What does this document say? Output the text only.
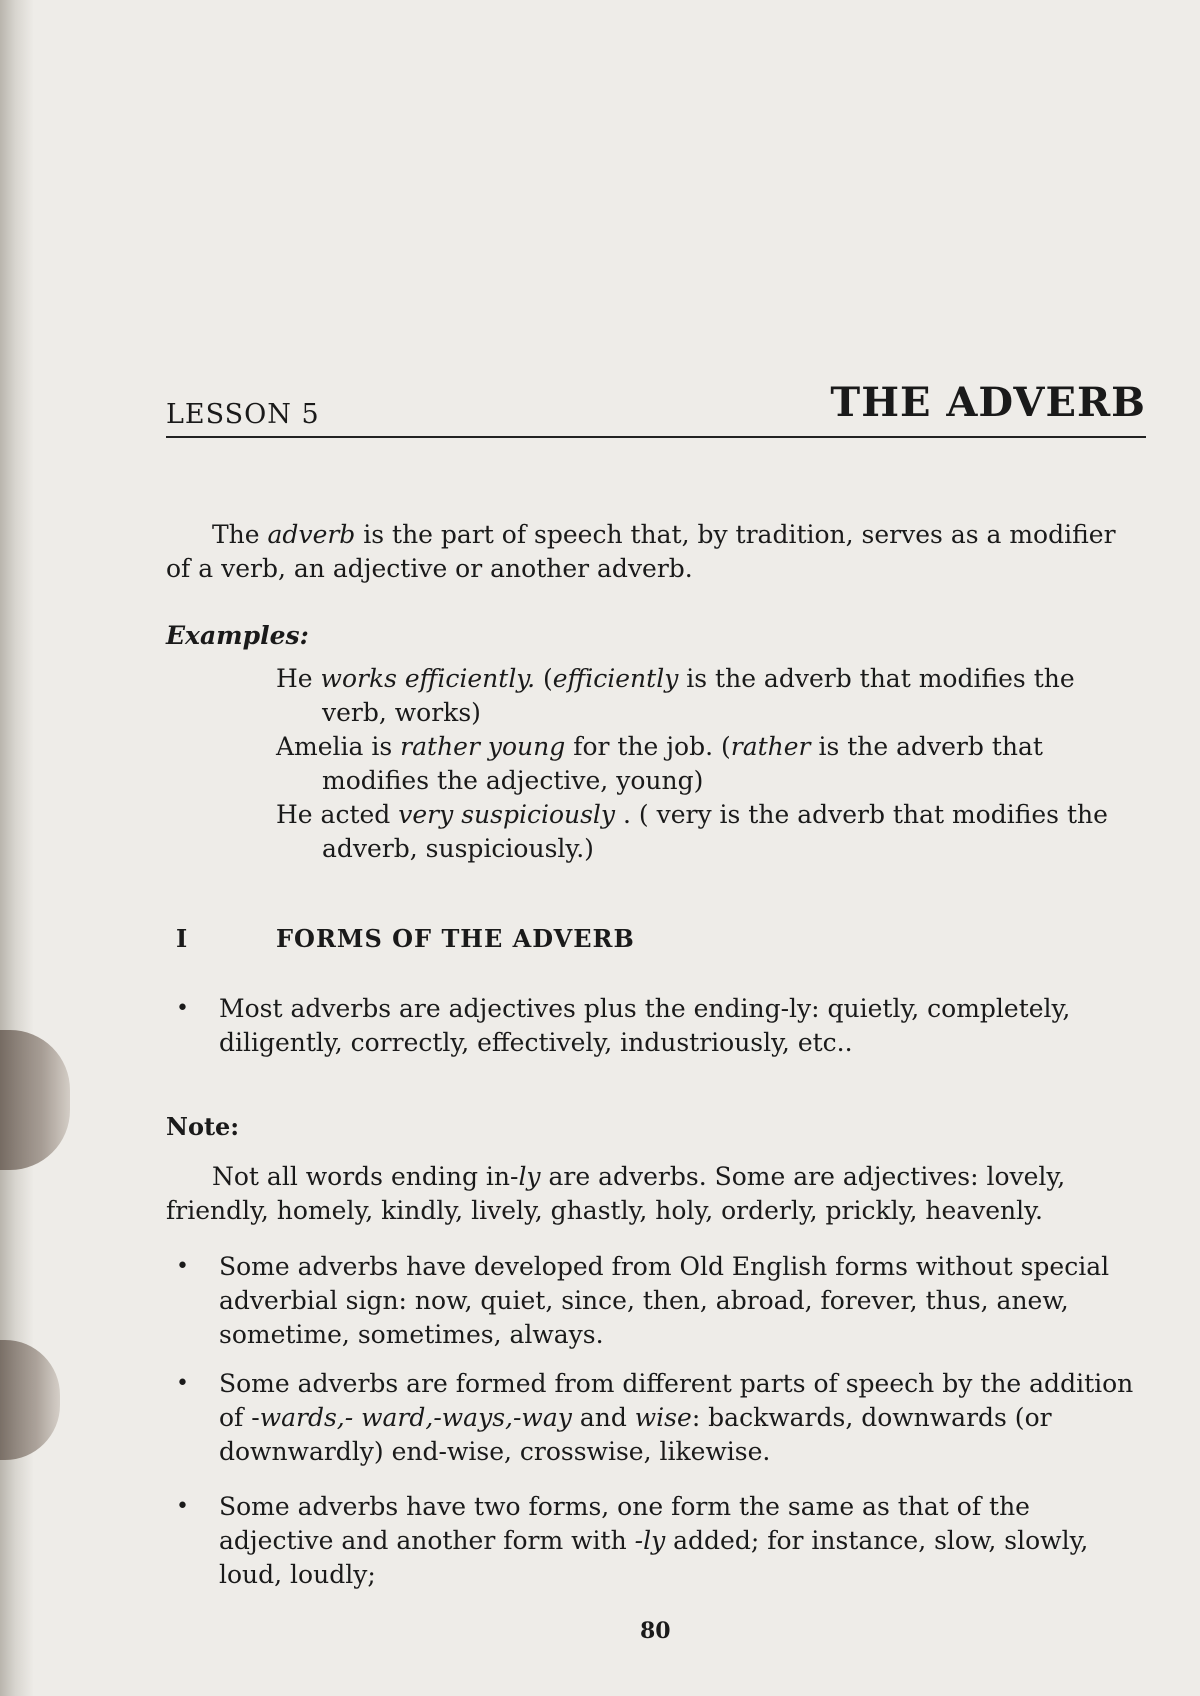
LESSON 5	THE ADVERB

The adverb is the part of speech that, by tradition, serves as a modifier of a verb, an adjective or another adverb.

Examples:

He works efficiently. (efficiently is the adverb that modifies the verb, works)

Amelia is rather young for the job. (rather is the adverb that modifies the adjective, young)

He acted very suspiciously . ( very is the adverb that modifies the adverb, suspiciously.)

I	FORMS OF THE ADVERB
• Most adverbs are adjectives plus the ending-ly: quietly, completely, diligently, correctly, effectively, industriously, etc..
Note:

Not all words ending in-ly are adverbs. Some are adjectives: lovely, friendly, homely, kindly, lively, ghastly, holy, orderly, prickly, heavenly.

• Some adverbs have developed from Old English forms without special adverbial sign: now, quiet, since, then, abroad, forever, thus, anew, sometime, sometimes, always.
• Some adverbs are formed from different parts of speech by the addition of -wards,- ward,-ways,-way and wise: backwards, downwards (or downwardly) end-wise, crosswise, likewise.
• Some adverbs have two forms, one form the same as that of the adjective and another form with -ly added; for instance, slow, slowly, loud, loudly;
80
